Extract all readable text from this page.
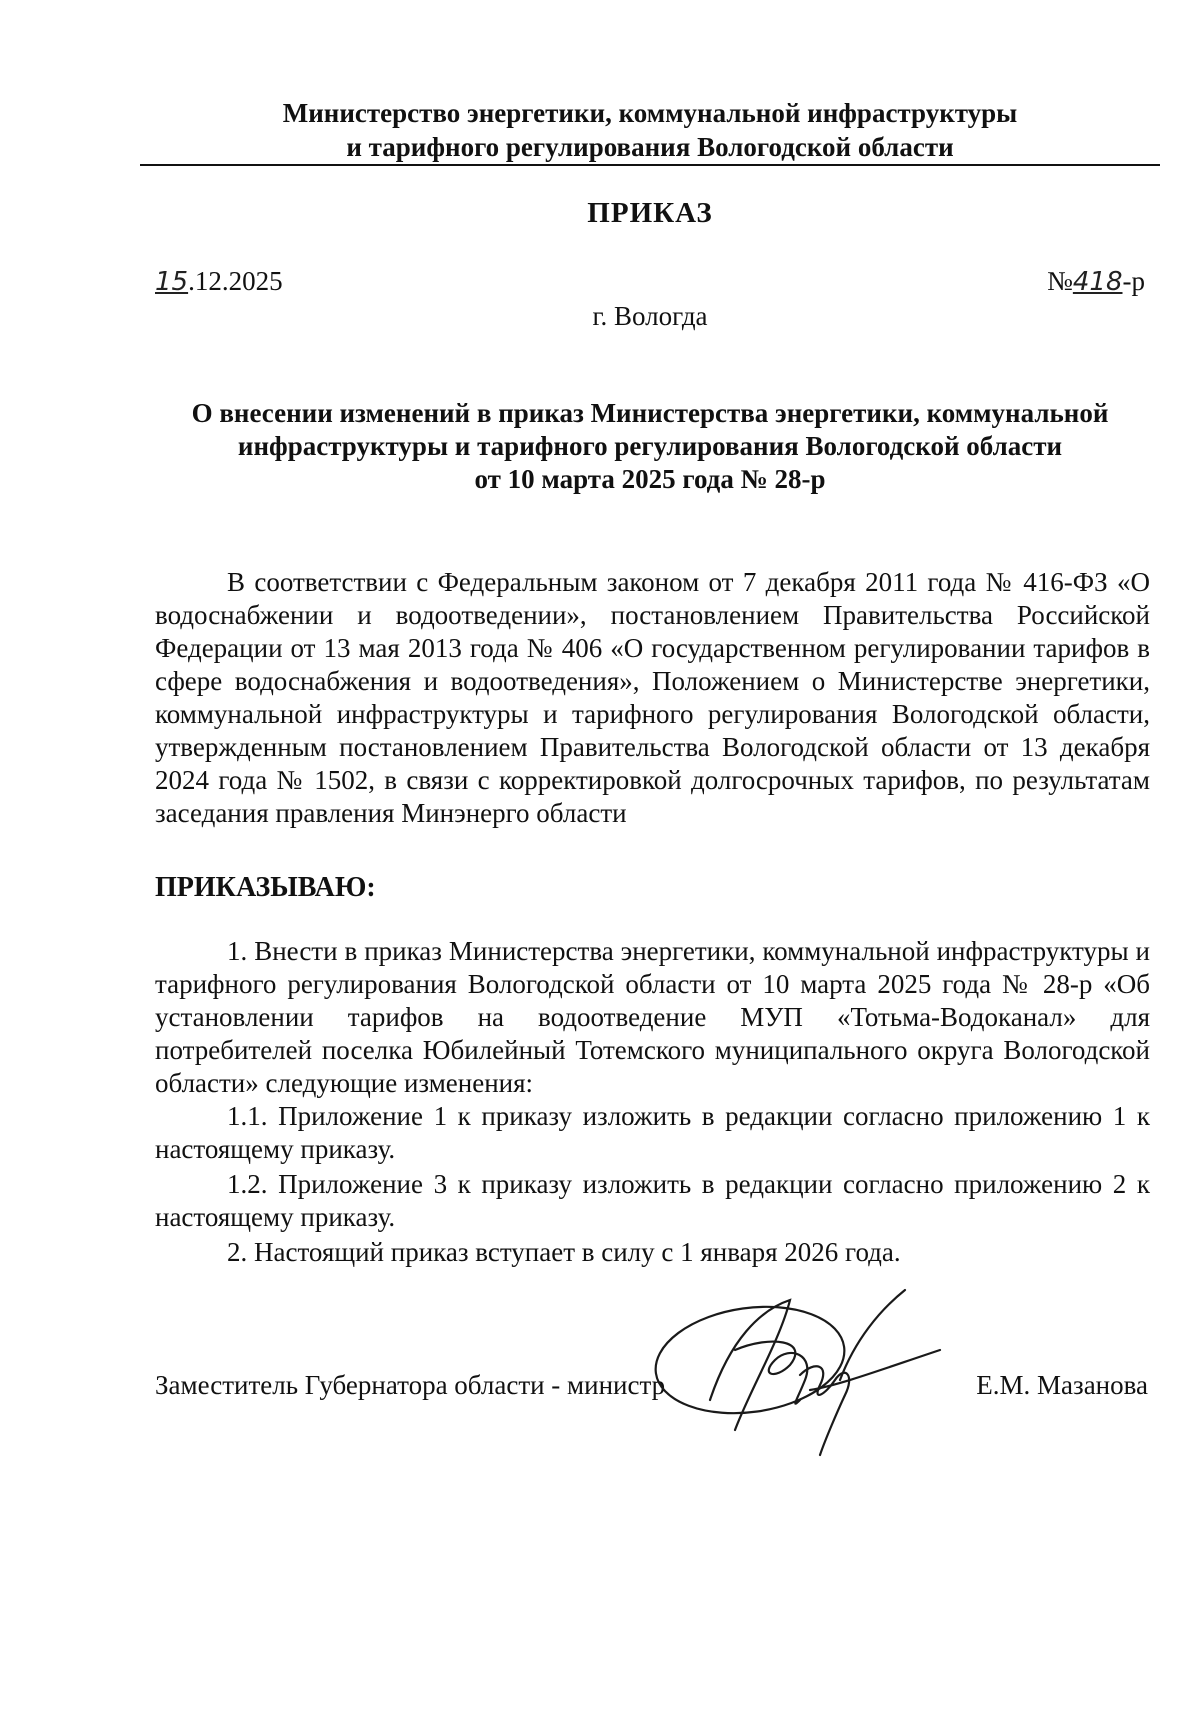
Министерство энергетики, коммунальной инфраструктуры
и тарифного регулирования Вологодской области
ПРИКАЗ
15.12.2025	№418-р
г. Вологда
О внесении изменений в приказ Министерства энергетики, коммунальной
инфраструктуры и тарифного регулирования Вологодской области
от 10 марта 2025 года № 28-р
В соответствии с Федеральным законом от 7 декабря 2011 года № 416-ФЗ «О водоснабжении и водоотведении», постановлением Правительства Российской Федерации от 13 мая 2013 года № 406 «О государственном регулировании тарифов в сфере водоснабжения и водоотведения», Положением о Министерстве энергетики, коммунальной инфраструктуры и тарифного регулирования Вологодской области, утвержденным постановлением Правительства Вологодской области от 13 декабря 2024 года № 1502, в связи с корректировкой долгосрочных тарифов, по результатам заседания правления Минэнерго области
ПРИКАЗЫВАЮ:
1. Внести в приказ Министерства энергетики, коммунальной инфраструктуры и тарифного регулирования Вологодской области от 10 марта 2025 года № 28-р «Об установлении тарифов на водоотведение МУП «Тотьма-Водоканал» для потребителей поселка Юбилейный Тотемского муниципального округа Вологодской области» следующие изменения:
1.1. Приложение 1 к приказу изложить в редакции согласно приложению 1 к настоящему приказу.
1.2. Приложение 3 к приказу изложить в редакции согласно приложению 2 к настоящему приказу.
2. Настоящий приказ вступает в силу с 1 января 2026 года.
Заместитель Губернатора области - министр	Е.М. Мазанова
